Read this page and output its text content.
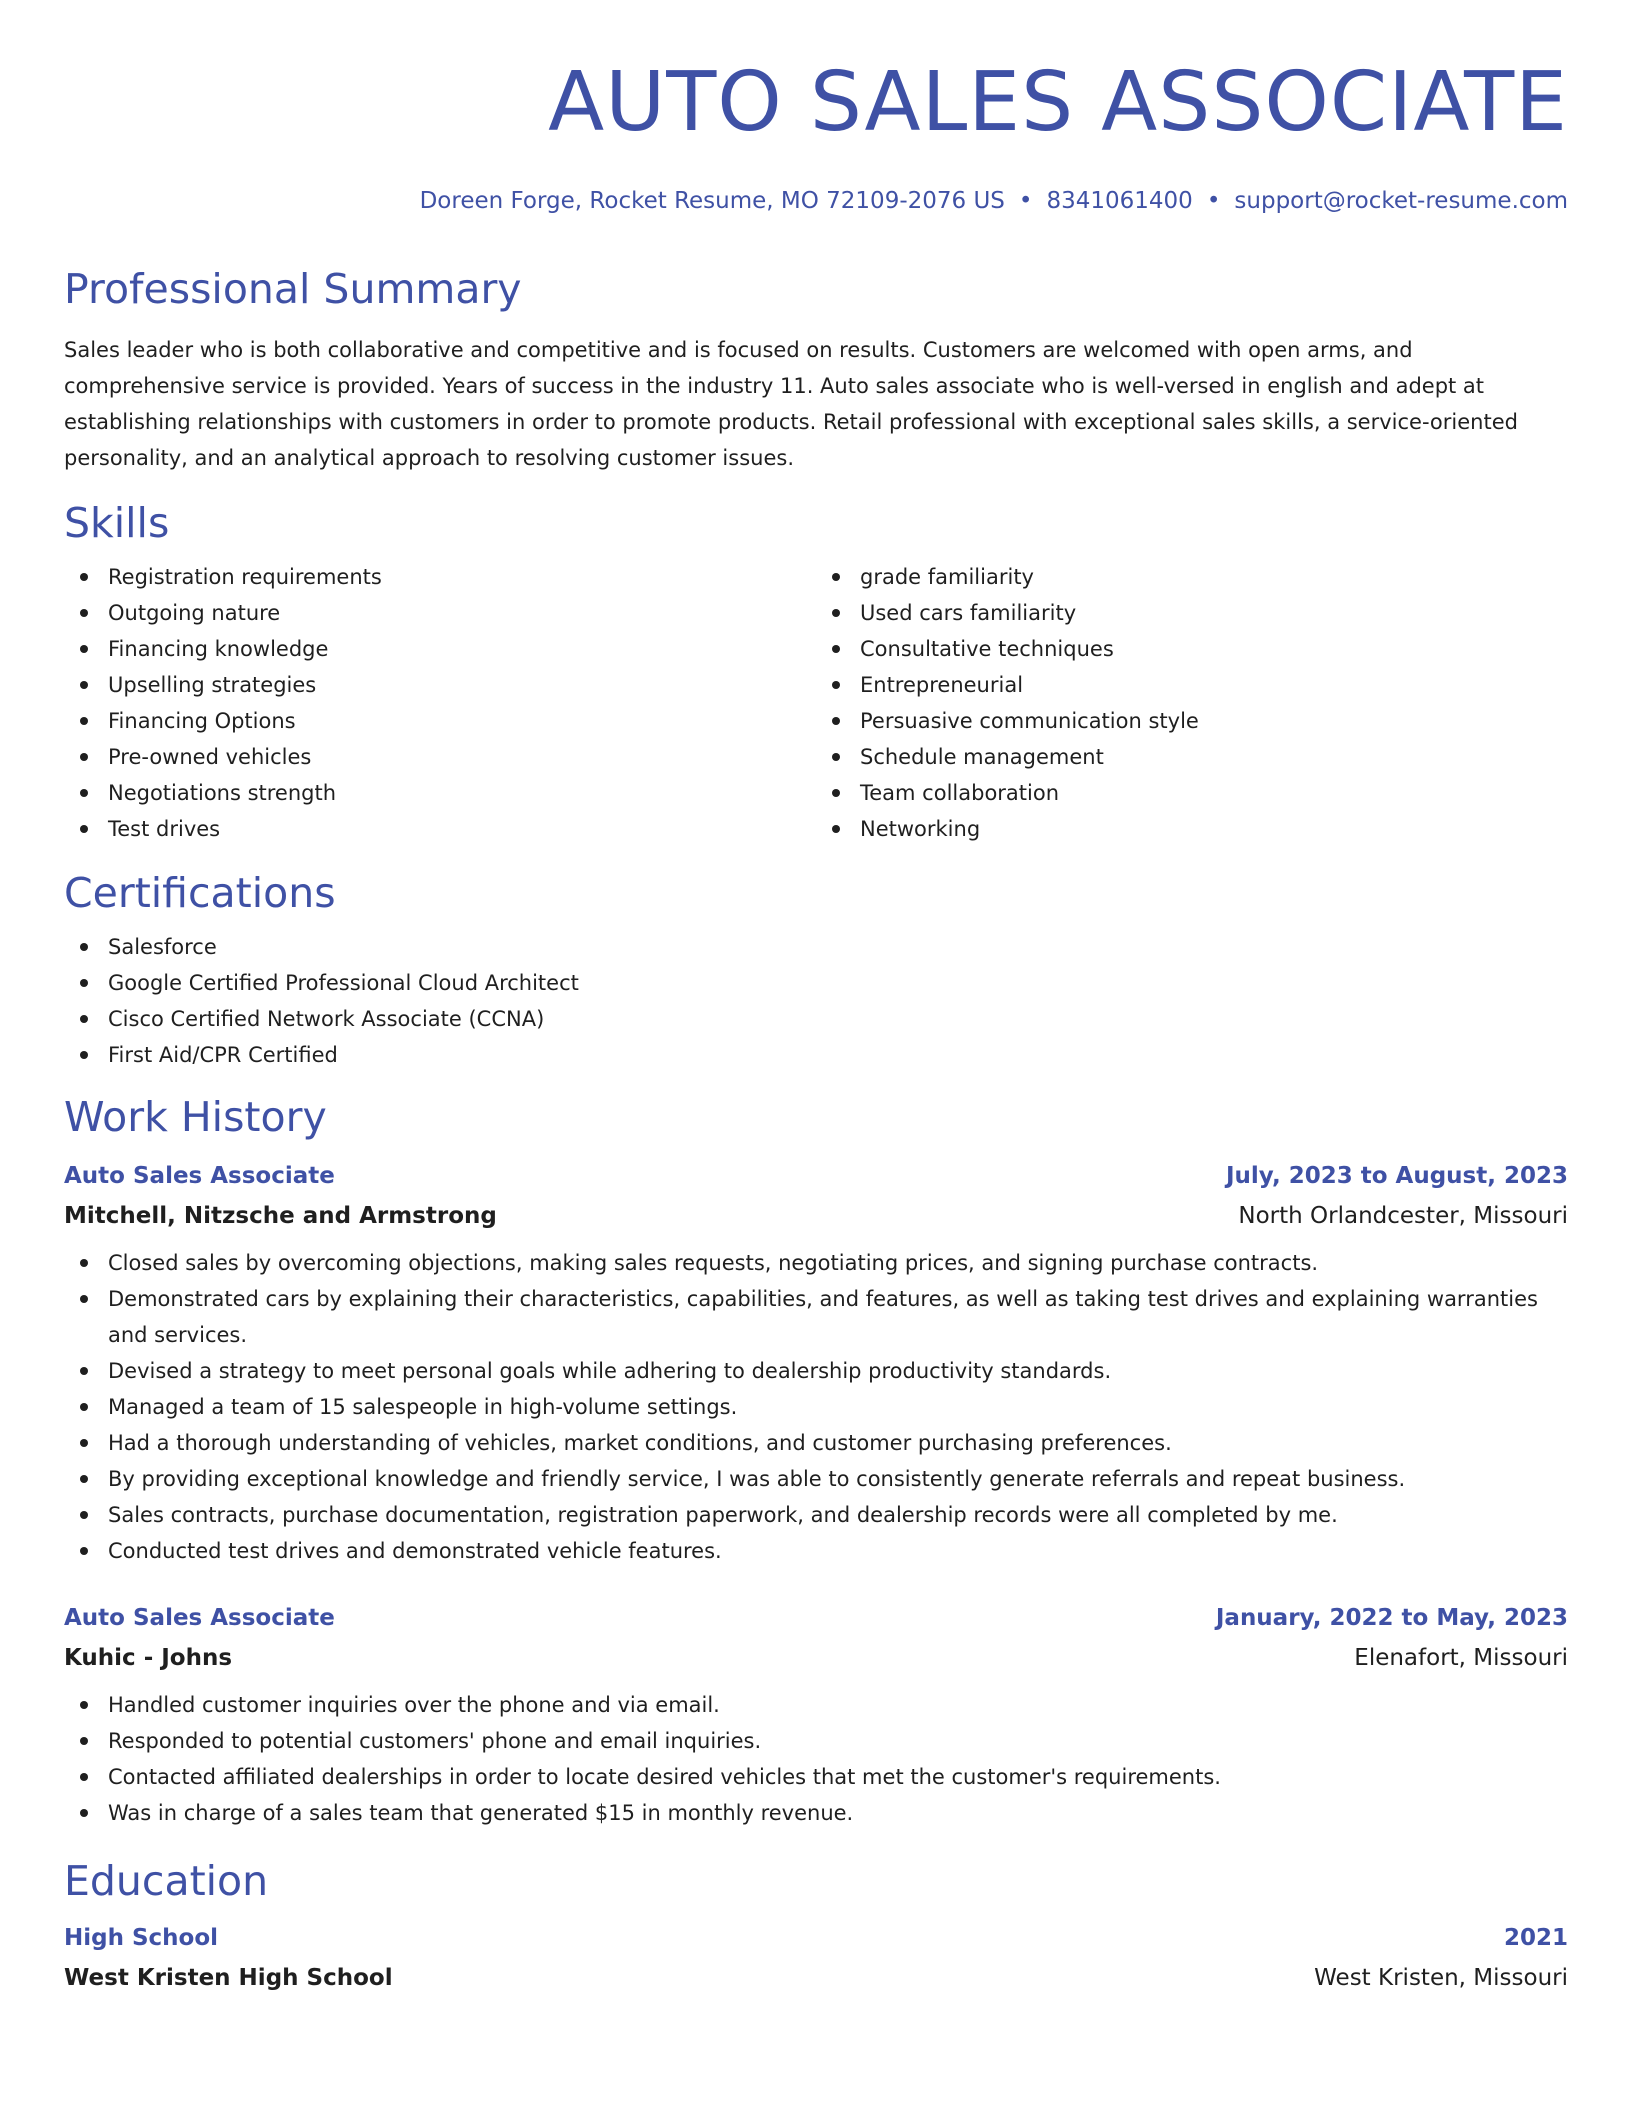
AUTO SALES ASSOCIATE
Doreen Forge, Rocket Resume, MO 72109-2076 US • 8341061400 • support@rocket-resume.com
Professional Summary
Sales leader who is both collaborative and competitive and is focused on results. Customers are welcomed with open arms, and comprehensive service is provided. Years of success in the industry 11. Auto sales associate who is well-versed in english and adept at establishing relationships with customers in order to promote products. Retail professional with exceptional sales skills, a service-oriented personality, and an analytical approach to resolving customer issues.
Skills
Registration requirements
Outgoing nature
Financing knowledge
Upselling strategies
Financing Options
Pre-owned vehicles
Negotiations strength
Test drives
grade familiarity
Used cars familiarity
Consultative techniques
Entrepreneurial
Persuasive communication style
Schedule management
Team collaboration
Networking
Certifications
Salesforce
Google Certified Professional Cloud Architect
Cisco Certified Network Associate (CCNA)
First Aid/CPR Certified
Work History
Auto Sales Associate	July, 2023 to August, 2023
Mitchell, Nitzsche and Armstrong	North Orlandcester, Missouri
Closed sales by overcoming objections, making sales requests, negotiating prices, and signing purchase contracts.
Demonstrated cars by explaining their characteristics, capabilities, and features, as well as taking test drives and explaining warranties and services.
Devised a strategy to meet personal goals while adhering to dealership productivity standards.
Managed a team of 15 salespeople in high-volume settings.
Had a thorough understanding of vehicles, market conditions, and customer purchasing preferences.
By providing exceptional knowledge and friendly service, I was able to consistently generate referrals and repeat business.
Sales contracts, purchase documentation, registration paperwork, and dealership records were all completed by me.
Conducted test drives and demonstrated vehicle features.
Auto Sales Associate	January, 2022 to May, 2023
Kuhic - Johns	Elenafort, Missouri
Handled customer inquiries over the phone and via email.
Responded to potential customers' phone and email inquiries.
Contacted affiliated dealerships in order to locate desired vehicles that met the customer's requirements.
Was in charge of a sales team that generated $15 in monthly revenue.
Education
High School	2021
West Kristen High School	West Kristen, Missouri
